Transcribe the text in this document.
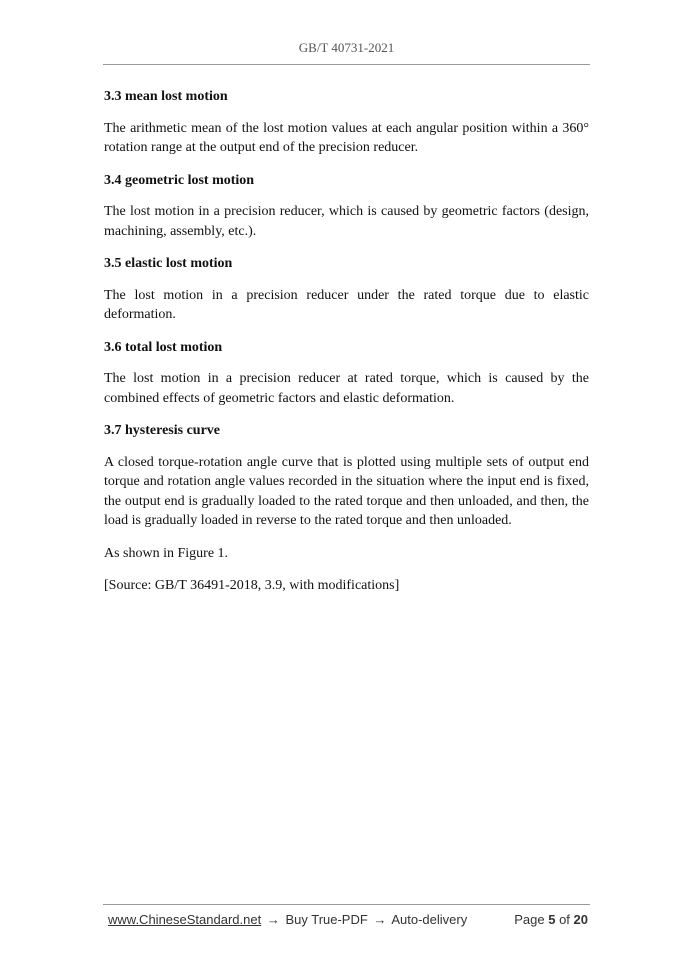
GB/T 40731-2021

3.3 mean lost motion

The arithmetic mean of the lost motion values at each angular position within a 360° rotation range at the output end of the precision reducer.

3.4 geometric lost motion

The lost motion in a precision reducer, which is caused by geometric factors (design, machining, assembly, etc.).

3.5 elastic lost motion

The lost motion in a precision reducer under the rated torque due to elastic deformation.

3.6 total lost motion

The lost motion in a precision reducer at rated torque, which is caused by the combined effects of geometric factors and elastic deformation.

3.7 hysteresis curve

A closed torque-rotation angle curve that is plotted using multiple sets of output end torque and rotation angle values recorded in the situation where the input end is fixed, the output end is gradually loaded to the rated torque and then unloaded, and then, the load is gradually loaded in reverse to the rated torque and then unloaded.

As shown in Figure 1.

[Source: GB/T 36491-2018, 3.9, with modifications]

www.ChineseStandard.net → Buy True-PDF → Auto-delivery	Page 5 of 20
